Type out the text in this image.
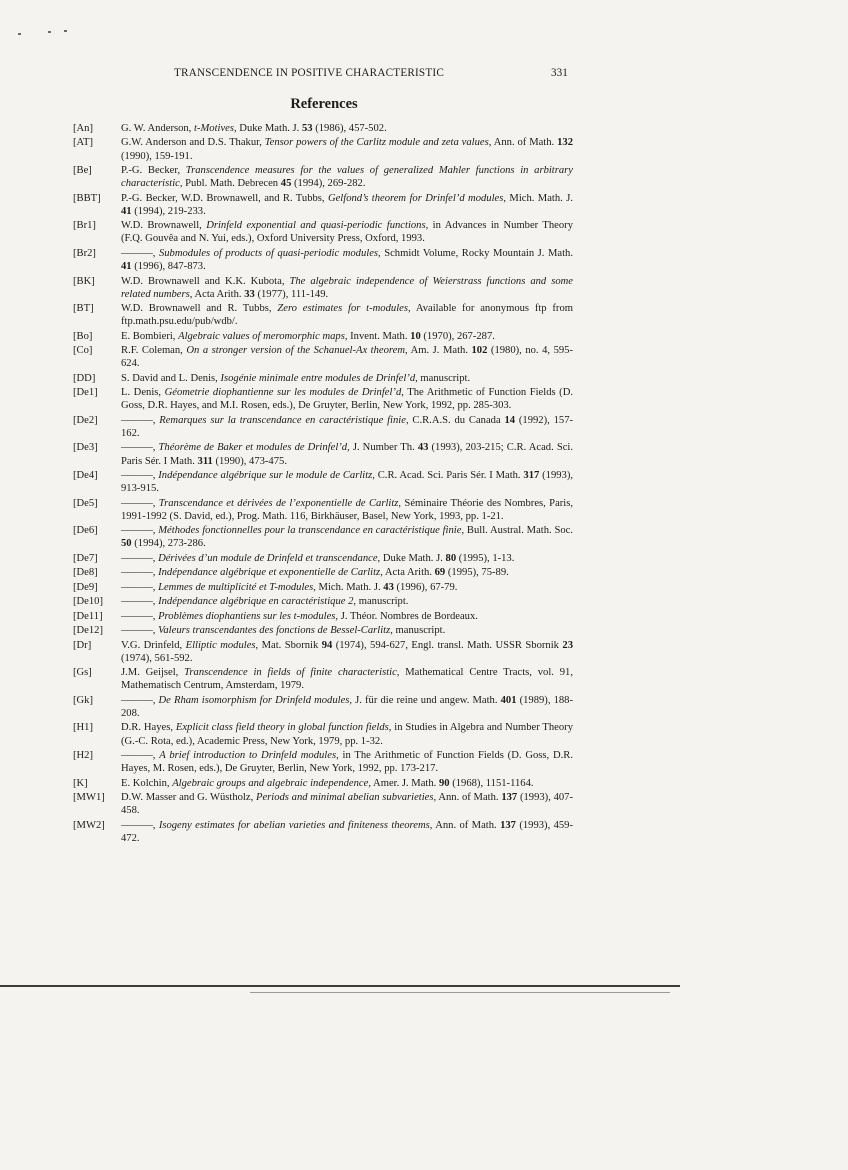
TRANSCENDENCE IN POSITIVE CHARACTERISTIC	331
References
[An]	G. W. Anderson, t-Motives, Duke Math. J. 53 (1986), 457-502.
[AT]	G.W. Anderson and D.S. Thakur, Tensor powers of the Carlitz module and zeta values, Ann. of Math. 132 (1990), 159-191.
[Be]	P.-G. Becker, Transcendence measures for the values of generalized Mahler functions in arbitrary characteristic, Publ. Math. Debrecen 45 (1994), 269-282.
[BBT]	P.-G. Becker, W.D. Brownawell, and R. Tubbs, Gelfond’s theorem for Drinfel’d modules, Mich. Math. J. 41 (1994), 219-233.
[Br1]	W.D. Brownawell, Drinfeld exponential and quasi-periodic functions, in Advances in Number Theory (F.Q. Gouvêa and N. Yui, eds.), Oxford University Press, Oxford, 1993.
[Br2]	———, Submodules of products of quasi-periodic modules, Schmidt Volume, Rocky Mountain J. Math. 41 (1996), 847-873.
[BK]	W.D. Brownawell and K.K. Kubota, The algebraic independence of Weierstrass functions and some related numbers, Acta Arith. 33 (1977), 111-149.
[BT]	W.D. Brownawell and R. Tubbs, Zero estimates for t-modules, Available for anonymous ftp from ftp.math.psu.edu/pub/wdb/.
[Bo]	E. Bombieri, Algebraic values of meromorphic maps, Invent. Math. 10 (1970), 267-287.
[Co]	R.F. Coleman, On a stronger version of the Schanuel-Ax theorem, Am. J. Math. 102 (1980), no. 4, 595-624.
[DD]	S. David and L. Denis, Isogénie minimale entre modules de Drinfel’d, manuscript.
[De1]	L. Denis, Géometrie diophantienne sur les modules de Drinfel’d, The Arithmetic of Function Fields (D. Goss, D.R. Hayes, and M.I. Rosen, eds.), De Gruyter, Berlin, New York, 1992, pp. 285-303.
[De2]	———, Remarques sur la transcendance en caractéristique finie, C.R.A.S. du Canada 14 (1992), 157-162.
[De3]	———, Théorème de Baker et modules de Drinfel’d, J. Number Th. 43 (1993), 203-215; C.R. Acad. Sci. Paris Sér. I Math. 311 (1990), 473-475.
[De4]	———, Indépendance algébrique sur le module de Carlitz, C.R. Acad. Sci. Paris Sér. I Math. 317 (1993), 913-915.
[De5]	———, Transcendance et dérivées de l’exponentielle de Carlitz, Séminaire Théorie des Nombres, Paris, 1991-1992 (S. David, ed.), Prog. Math. 116, Birkhäuser, Basel, New York, 1993, pp. 1-21.
[De6]	———, Méthodes fonctionnelles pour la transcendance en caractéristique finie, Bull. Austral. Math. Soc. 50 (1994), 273-286.
[De7]	———, Dérivées d’un module de Drinfeld et transcendance, Duke Math. J. 80 (1995), 1-13.
[De8]	———, Indépendance algébrique et exponentielle de Carlitz, Acta Arith. 69 (1995), 75-89.
[De9]	———, Lemmes de multiplicité et T-modules, Mich. Math. J. 43 (1996), 67-79.
[De10]	———, Indépendance algébrique en caractéristique 2, manuscript.
[De11]	———, Problèmes diophantiens sur les t-modules, J. Théor. Nombres de Bordeaux.
[De12]	———, Valeurs transcendantes des fonctions de Bessel-Carlitz, manuscript.
[Dr]	V.G. Drinfeld, Elliptic modules, Mat. Sbornik 94 (1974), 594-627, Engl. transl. Math. USSR Sbornik 23 (1974), 561-592.
[Gs]	J.M. Geijsel, Transcendence in fields of finite characteristic, Mathematical Centre Tracts, vol. 91, Mathematisch Centrum, Amsterdam, 1979.
[Gk]	———, De Rham isomorphism for Drinfeld modules, J. für die reine und angew. Math. 401 (1989), 188-208.
[H1]	D.R. Hayes, Explicit class field theory in global function fields, in Studies in Algebra and Number Theory (G.-C. Rota, ed.), Academic Press, New York, 1979, pp. 1-32.
[H2]	———, A brief introduction to Drinfeld modules, in The Arithmetic of Function Fields (D. Goss, D.R. Hayes, M. Rosen, eds.), De Gruyter, Berlin, New York, 1992, pp. 173-217.
[K]	E. Kolchin, Algebraic groups and algebraic independence, Amer. J. Math. 90 (1968), 1151-1164.
[MW1]	D.W. Masser and G. Wüstholz, Periods and minimal abelian subvarieties, Ann. of Math. 137 (1993), 407-458.
[MW2]	———, Isogeny estimates for abelian varieties and finiteness theorems, Ann. of Math. 137 (1993), 459-472.
